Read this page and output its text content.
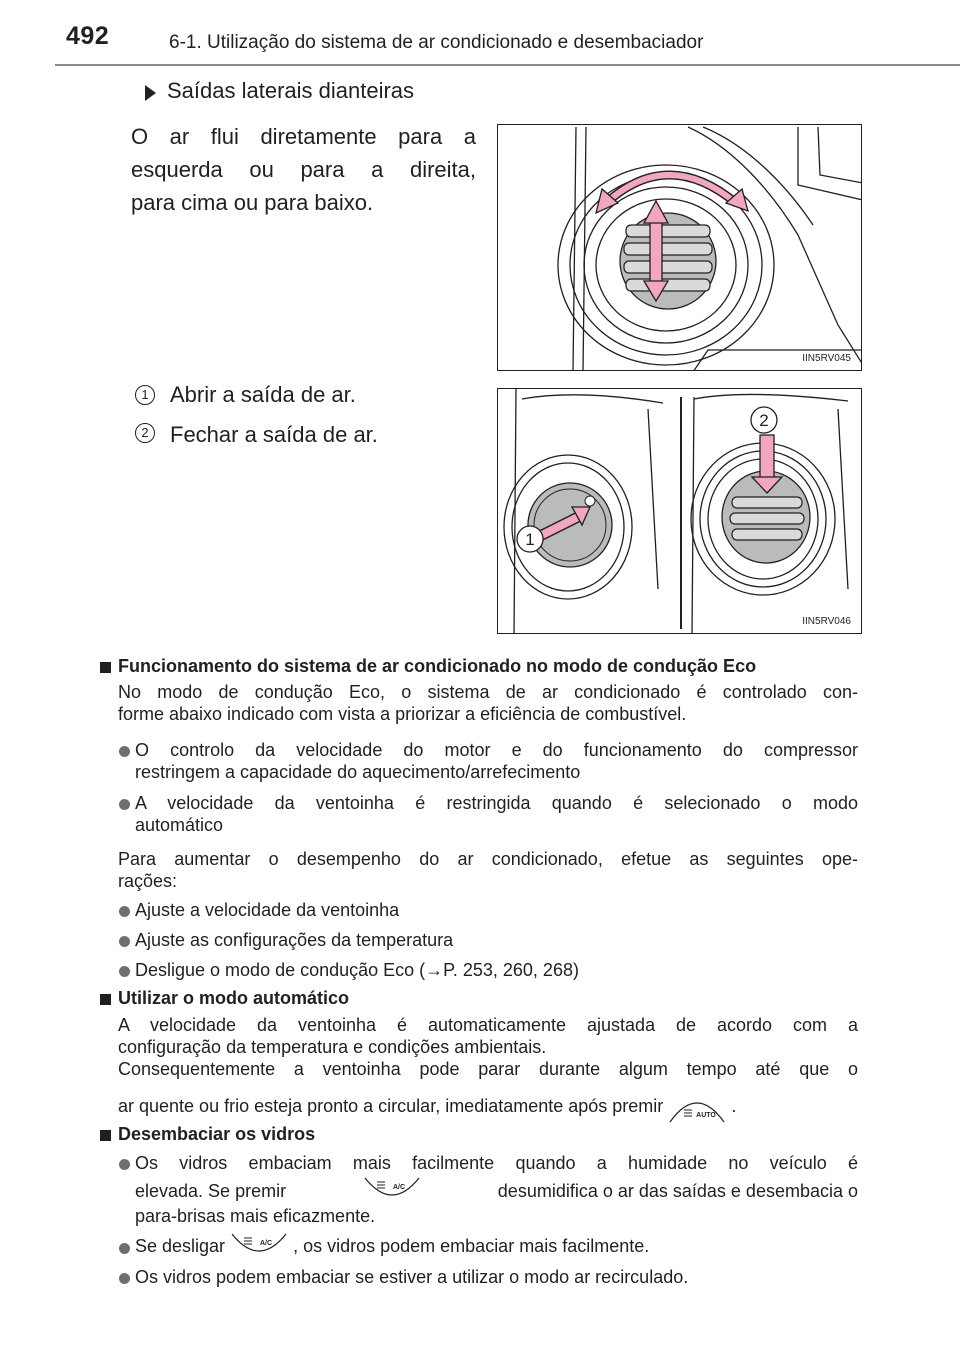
492	6-1. Utilização do sistema de ar condicionado e desembaciador
Saídas laterais dianteiras
O ar flui diretamente para a
esquerda ou para a direita,
para cima ou para baixo.
IIN5RV045
1 Abrir a saída de ar.
2 Fechar a saída de ar.
1
2
IIN5RV046
Funcionamento do sistema de ar condicionado no modo de condução Eco
No modo de condução Eco, o sistema de ar condicionado é controlado con-
forme abaixo indicado com vista a priorizar a eficiência de combustível.
O controlo da velocidade do motor e do funcionamento do compressor
restringem a capacidade do aquecimento/arrefecimento
A velocidade da ventoinha é restringida quando é selecionado o modo
automático
Para aumentar o desempenho do ar condicionado, efetue as seguintes ope-
rações:
Ajuste a velocidade da ventoinha
Ajuste as configurações da temperatura
Desligue o modo de condução Eco (→P. 253, 260, 268)
Utilizar o modo automático
A velocidade da ventoinha é automaticamente ajustada de acordo com a
configuração da temperatura e condições ambientais.
Consequentemente a ventoinha pode parar durante algum tempo até que o
ar quente ou frio esteja pronto a circular, imediatamente após premir	AUTO .
Desembaciar os vidros
Os vidros embaciam mais facilmente quando a humidade no veículo é
elevada. Se premir	A/C	desumidifica o ar das saídas e desembacia o
para-brisas mais eficazmente.
Se desligar	A/C , os vidros podem embaciar mais facilmente.
Os vidros podem embaciar se estiver a utilizar o modo ar recirculado.
